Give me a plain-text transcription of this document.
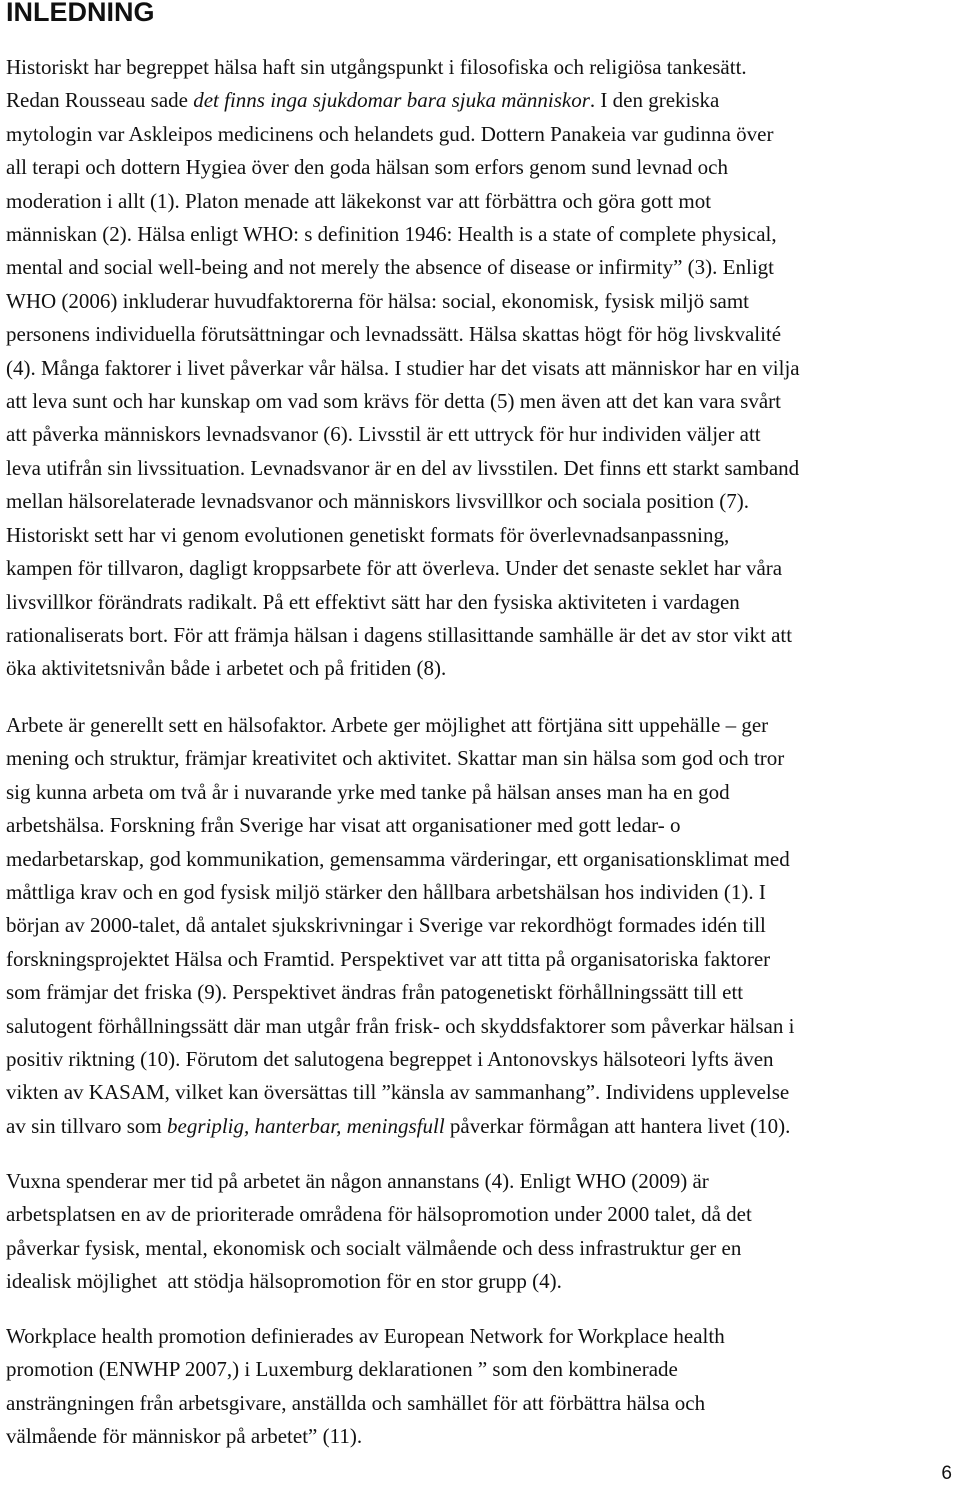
INLEDNING

Historiskt har begreppet hälsa haft sin utgångspunkt i filosofiska och religiösa tankesätt.
Redan Rousseau sade det finns inga sjukdomar bara sjuka människor. I den grekiska
mytologin var Askleipos medicinens och helandets gud. Dottern Panakeia var gudinna över
all terapi och dottern Hygiea över den goda hälsan som erfors genom sund levnad och
moderation i allt (1). Platon menade att läkekonst var att förbättra och göra gott mot
människan (2). Hälsa enligt WHO: s definition 1946: Health is a state of complete physical,
mental and social well-being and not merely the absence of disease or infirmity” (3). Enligt
WHO (2006) inkluderar huvudfaktorerna för hälsa: social, ekonomisk, fysisk miljö samt
personens individuella förutsättningar och levnadssätt. Hälsa skattas högt för hög livskvalité
(4). Många faktorer i livet påverkar vår hälsa. I studier har det visats att människor har en vilja
att leva sunt och har kunskap om vad som krävs för detta (5) men även att det kan vara svårt
att påverka människors levnadsvanor (6). Livsstil är ett uttryck för hur individen väljer att
leva utifrån sin livssituation. Levnadsvanor är en del av livsstilen. Det finns ett starkt samband
mellan hälsorelaterade levnadsvanor och människors livsvillkor och sociala position (7).
Historiskt sett har vi genom evolutionen genetiskt formats för överlevnadsanpassning,
kampen för tillvaron, dagligt kroppsarbete för att överleva. Under det senaste seklet har våra
livsvillkor förändrats radikalt. På ett effektivt sätt har den fysiska aktiviteten i vardagen
rationaliserats bort. För att främja hälsan i dagens stillasittande samhälle är det av stor vikt att
öka aktivitetsnivån både i arbetet och på fritiden (8).

Arbete är generellt sett en hälsofaktor. Arbete ger möjlighet att förtjäna sitt uppehälle – ger
mening och struktur, främjar kreativitet och aktivitet. Skattar man sin hälsa som god och tror
sig kunna arbeta om två år i nuvarande yrke med tanke på hälsan anses man ha en god
arbetshälsa. Forskning från Sverige har visat att organisationer med gott ledar- o
medarbetarskap, god kommunikation, gemensamma värderingar, ett organisationsklimat med
måttliga krav och en god fysisk miljö stärker den hållbara arbetshälsan hos individen (1). I
början av 2000-talet, då antalet sjukskrivningar i Sverige var rekordhögt formades idén till
forskningsprojektet Hälsa och Framtid. Perspektivet var att titta på organisatoriska faktorer
som främjar det friska (9). Perspektivet ändras från patogenetiskt förhållningssätt till ett
salutogent förhållningssätt där man utgår från frisk- och skyddsfaktorer som påverkar hälsan i
positiv riktning (10). Förutom det salutogena begreppet i Antonovskys hälsoteori lyfts även
vikten av KASAM, vilket kan översättas till ”känsla av sammanhang”. Individens upplevelse
av sin tillvaro som begriplig, hanterbar, meningsfull påverkar förmågan att hantera livet (10).

Vuxna spenderar mer tid på arbetet än någon annanstans (4). Enligt WHO (2009) är
arbetsplatsen en av de prioriterade områdena för hälsopromotion under 2000 talet, då det
påverkar fysisk, mental, ekonomisk och socialt välmående och dess infrastruktur ger en
idealisk möjlighet  att stödja hälsopromotion för en stor grupp (4).

Workplace health promotion definierades av European Network for Workplace health
promotion (ENWHP 2007,) i Luxemburg deklarationen ” som den kombinerade
ansträngningen från arbetsgivare, anställda och samhället för att förbättra hälsa och
välmående för människor på arbetet” (11).

6
